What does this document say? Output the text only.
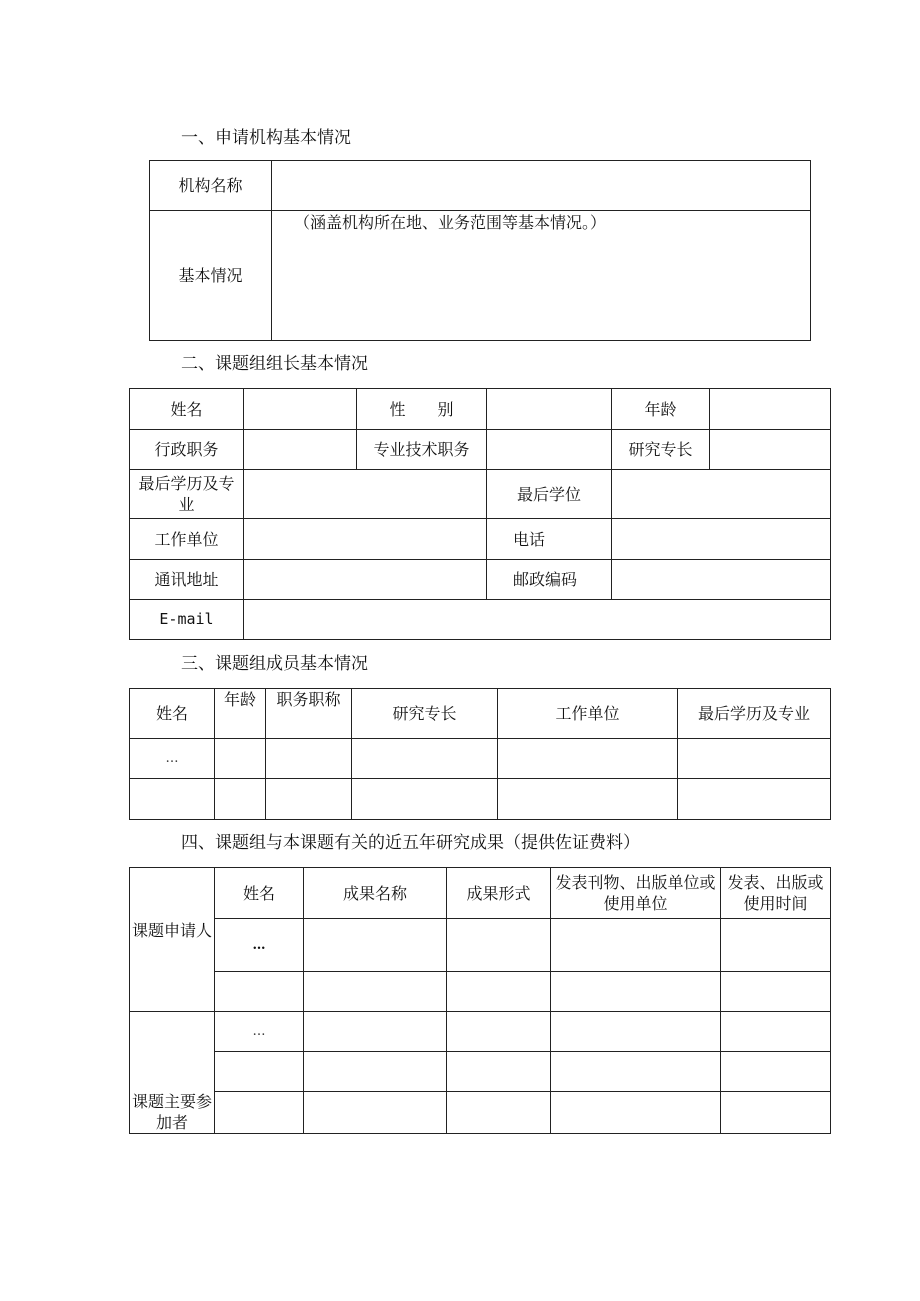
一、申请机构基本情况
机构名称	
基本情况	（涵盖机构所在地、业务范围等基本情况。）
二、课题组组长基本情况
姓名		性　　别		年龄	
行政职务		专业技术职务		研究专长	
最后学历及专业			最后学位		
工作单位			电话		
通讯地址			邮政编码		
E-mail					
三、课题组成员基本情况
姓名	年龄	职务职称	研究专长	工作单位	最后学历及专业
…					

四、课题组与本课题有关的近五年研究成果（提供佐证费料）
	姓名	成果名称	成果形式	发表刊物、出版单位或使用单位	发表、出版或使用时间
课题申请人	…				

课题主要参加者	…				
